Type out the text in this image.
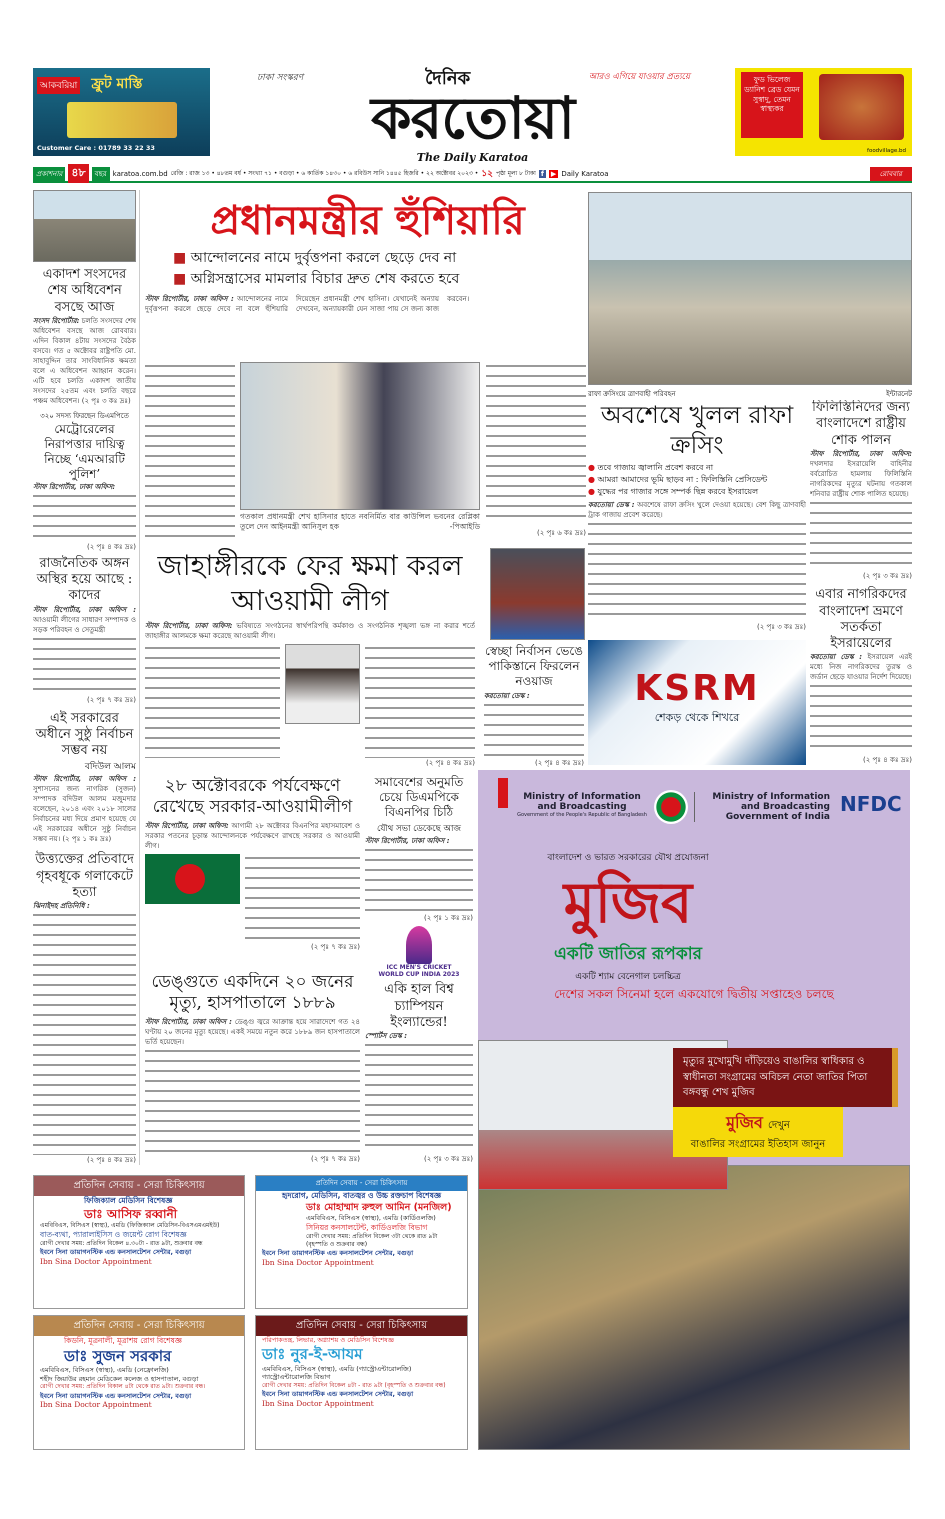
আকবরিয়া ফ্রুট মাস্তি
Customer Care : 01789 33 22 33
ঢাকা সংস্করণ	দৈনিক	আরও এগিয়ে যাওয়ার প্রত্যয়ে
করতোয়া
The Daily Karatoa
ফুড ভিলেজ ড্যানিশ ব্রেড যেমন সুস্বাদু, তেমন স্বাস্থ্যকর
foodvillage.bd
প্রকাশনার ৪৮	বছর karatoa.com.bd রেজি : রাজ ১৩ • ৪৮তম বর্ষ • সংখ্যা ৭১ • বগুড়া • ৬ কার্তিক ১৪৩০ • ৬ রবিউস সানি ১৪৪৫ হিজরি • ২২ অক্টোবর ২০২৩ • ১২ পৃষ্ঠা মূল্য ৮ টাকা f ▶ Daily Karatoa	রোববার
একাদশ সংসদের শেষ অধিবেশন বসছে আজ
সংসদ রিপোর্টার: চলতি সংসদের শেষ অধিবেশন বসছে আজ রোববার। এদিন বিকাল ৪টায় সংসদের বৈঠক বসবে। গত ৫ অক্টোবর রাষ্ট্রপতি মো. সাহাবুদ্দিন তার সাংবিধানিক ক্ষমতা বলে এ অধিবেশন আহ্বান করেন। এটি হবে চলতি একাদশ জাতীয় সংসদের ২৫তম এবং চলতি বছরে পঞ্চম অধিবেশন। (২ পৃঃ ৩ কঃ দ্রঃ)
৩২০ সদস্য ফিরছেন ডিএমপিতে
মেট্রোরেলের নিরাপত্তার দায়িত্ব নিচ্ছে ‘এমআরটি পুলিশ’
স্টাফ রিপোর্টার, ঢাকা অফিস:
(২ পৃঃ ৪ কঃ দ্রঃ)
রাজনৈতিক অঙ্গন অস্থির হয়ে আছে : কাদের
স্টাফ রিপোর্টার, ঢাকা অফিস : আওয়ামী লীগের সাধারণ সম্পাদক ও সড়ক পরিবহন ও সেতুমন্ত্রী
(২ পৃঃ ৭ কঃ দ্রঃ)
এই সরকারের অধীনে সুষ্ঠু নির্বাচন সম্ভব নয়
বদিউল আলম
স্টাফ রিপোর্টার, ঢাকা অফিস : সুশাসনের জন্য নাগরিক (সুজন) সম্পাদক বদিউল আলম মজুমদার বলেছেন, ২০১৪ এবং ২০১৮ সালের নির্বাচনের মধ্য দিয়ে প্রমাণ হয়েছে যে এই সরকারের অধীনে সুষ্ঠু নির্বাচন সম্ভব নয়। (২ পৃঃ ১ কঃ দ্রঃ)
উত্ত্যক্তের প্রতিবাদে গৃহবধূকে গলাকেটে হত্যা
ঝিনাইদহ প্রতিনিধি :
(২ পৃঃ ৪ কঃ দ্রঃ)
প্রধানমন্ত্রীর হুঁশিয়ারি
■ আন্দোলনের নামে দুর্বৃত্তপনা করলে ছেড়ে দেব না
■ অগ্নিসন্ত্রাসের মামলার বিচার দ্রুত শেষ করতে হবে
স্টাফ রিপোর্টার, ঢাকা অফিস : আন্দোলনের নামে দুর্বৃত্তপনা করলে ছেড়ে দেবে না বলে হুঁশিয়ারি দিয়েছেন প্রধানমন্ত্রী শেখ হাসিনা। যেখানেই অন্যায় দেখবেন, অন্যায়কারী যেন সাজা পায় সে জন্য কাজ করবেন।
গতকাল প্রধানমন্ত্রী শেখ হাসিনার হাতে নবনির্মিত বার কাউন্সিল ভবনের রেপ্লিকা তুলে দেন আইনমন্ত্রী আনিসুল হক	-পিআইডি
(২ পৃঃ ৬ কঃ দ্রঃ)
রাফা ক্রসিংয়ে ত্রাণবাহী পরিবহন	ইন্টারনেট
অবশেষে খুলল রাফা ক্রসিং
● তবে গাজায় জ্বালানি প্রবেশ করবে না
● আমরা আমাদের ভূমি ছাড়ব না : ফিলিস্তিনি প্রেসিডেন্ট
● যুদ্ধের পর গাজার সঙ্গে সম্পর্ক ছিন্ন করবে ইসরায়েল
করতোয়া ডেস্ক : অবশেষে রাফা ক্রসিং খুলে দেওয়া হয়েছে। বেশ কিছু ত্রাণবাহী ট্রাক গাজায় প্রবেশ করেছে।
(২ পৃঃ ৩ কঃ দ্রঃ)
ফিলিস্তিনিদের জন্য বাংলাদেশে রাষ্ট্রীয় শোক পালন
স্টাফ রিপোর্টার, ঢাকা অফিস: দখলদার ইসরায়েলি বাহিনীর বর্বরোচিত হামলায় ফিলিস্তিনি নাগরিকদের মৃত্যুর ঘটনায় গতকাল শনিবার রাষ্ট্রীয় শোক পালিত হয়েছে।
(২ পৃঃ ৩ কঃ দ্রঃ)
এবার নাগরিকদের বাংলাদেশ ভ্রমণে সতর্কতা ইসরায়েলের
করতোয়া ডেস্ক : ইসরায়েল এরই মধ্যে নিজ নাগরিকদের তুরস্ক ও জর্ডান ছেড়ে যাওয়ার নির্দেশ দিয়েছে।
(২ পৃঃ ৪ কঃ দ্রঃ)
জাহাঙ্গীরকে ফের ক্ষমা করল আওয়ামী লীগ
স্টাফ রিপোর্টার, ঢাকা অফিস: ভবিষ্যতে সংগঠনের স্বার্থপরিপন্থি কর্মকাণ্ড ও সংগঠনিক শৃঙ্খলা ভঙ্গ না করার শর্তে জাহাঙ্গীর আলমকে ক্ষমা করেছে আওয়ামী লীগ।
(২ পৃঃ ৪ কঃ দ্রঃ)
স্বেচ্ছা নির্বাসন ভেঙে পাকিস্তানে ফিরলেন নওয়াজ
করতোয়া ডেস্ক :
(২ পৃঃ ৪ কঃ দ্রঃ)
KSRM
শেকড় থেকে শিখরে
২৮ অক্টোবরকে পর্যবেক্ষণে রেখেছে সরকার-আওয়ামীলীগ
স্টাফ রিপোর্টার, ঢাকা অফিস: আগামী ২৮ অক্টোবর বিএনপির মহাসমাবেশ ও সরকার পতনের চূড়ান্ত আন্দোলনকে পর্যবেক্ষণে রাখছে সরকার ও আওয়ামী লীগ।
(২ পৃঃ ৭ কঃ দ্রঃ)
সমাবেশের অনুমতি চেয়ে ডিএমপিকে বিএনপির চিঠি
যৌথ সভা ডেকেছে আজ
স্টাফ রিপোর্টার, ঢাকা অফিস :
(২ পৃঃ ১ কঃ দ্রঃ)
ICC MEN'S CRICKET WORLD CUP INDIA 2023
একি হাল বিশ্ব চ্যাম্পিয়ন ইংল্যান্ডের!
স্পোর্টস ডেস্ক :
(২ পৃঃ ৩ কঃ দ্রঃ)
ডেঙ্গুতে একদিনে ২০ জনের মৃত্যু, হাসপাতালে ১৮৮৯
স্টাফ রিপোর্টার, ঢাকা অফিস : ডেঙ্গু জ্বরে আক্রান্ত হয়ে সারাদেশে গত ২৪ ঘণ্টায় ২০ জনের মৃত্যু হয়েছে। একই সময়ে নতুন করে ১৮৮৯ জন হাসপাতালে ভর্তি হয়েছেন।
(২ পৃঃ ৭ কঃ দ্রঃ)
Ministry of Information and Broadcasting
Government of the People's Republic of Bangladesh
Ministry of Information and Broadcasting
Government of India
NFDC
বাংলাদেশ ও ভারত সরকারের যৌথ প্রযোজনা
মুজিব
একটি জাতির রূপকার
একটি শ্যাম বেনেগাল চলচ্চিত্র
দেশের সকল সিনেমা হলে একযোগে দ্বিতীয় সপ্তাহেও চলছে
মৃত্যুর মুখোমুখি দাঁড়িয়েও বাঙালির স্বাধিকার ও স্বাধীনতা সংগ্রামের অবিচল নেতা জাতির পিতা বঙ্গবন্ধু শেখ মুজিব
মুজিব দেখুন
বাঙালির সংগ্রামের ইতিহাস জানুন
প্রতিদিন সেবায় - সেরা চিকিৎসায়

ফিজিক্যাল মেডিসিন বিশেষজ্ঞ

ডাঃ আসিফ রব্বানী

এমবিবিএস, বিসিএস (স্বাস্থ্য), এমডি (ফিজিক্যাল মেডিসিন-বিএসএমএমইউ)

বাত-ব্যথা, প্যারালাইসিস ও জয়েন্ট রোগ বিশেষজ্ঞ

রোগী দেখার সময়: প্রতিদিন বিকেল ৪.৩০টা - রাত ৯টা, শুক্রবার বন্ধ

ইবনে সিনা ডায়াগনস্টিক এন্ড কনসালটেশন সেন্টার, বগুড়া

Ibn Sina Doctor Appointment

প্রতিদিন সেবায় - সেরা চিকিৎসায়

হৃদরোগ, মেডিসিন, বাতজ্বর ও উচ্চ রক্তচাপ বিশেষজ্ঞ

ডাঃ মোহাম্মাদ রুহুল আমিন (মনজিল)

এমবিবিএস, বিসিএস (স্বাস্থ্য), এমডি (কার্ডিওলজি)

সিনিয়র কনসালটেন্ট, কার্ডিওলজি বিভাগ

রোগী দেখার সময়: প্রতিদিন বিকেল ৩টা থেকে রাত ৯টা (বৃহস্পতি ও শুক্রবার বন্ধ)

ইবনে সিনা ডায়াগনস্টিক এন্ড কনসালটেশন সেন্টার, বগুড়া

Ibn Sina Doctor Appointment

প্রতিদিন সেবায় - সেরা চিকিৎসায়

কিডনি, মূত্রনালী, মূত্রাশয় রোগ বিশেষজ্ঞ

ডাঃ সুজন সরকার

এমবিবিএস, বিসিএস (স্বাস্থ্য), এমডি (নেফ্রোলজি)

শহীদ জিয়াউর রহমান মেডিকেল কলেজ ও হাসপাতাল, বগুড়া

রোগী দেখার সময়: প্রতিদিন বিকাল ৪টা থেকে রাত ৯টা। শুক্রবার বন্ধ।

ইবনে সিনা ডায়াগনস্টিক এন্ড কনসালটেশন সেন্টার, বগুড়া

Ibn Sina Doctor Appointment

প্রতিদিন সেবায় - সেরা চিকিৎসায়

পরিপাকতন্ত্র, লিভার, অগ্ন্যাশয় ও মেডিসিন বিশেষজ্ঞ

ডাঃ নুর-ই-আযম

এমবিবিএস, বিসিএস (স্বাস্থ্য), এমডি (গ্যাস্ট্রোএন্টারোলজি)

গ্যাস্ট্রোএন্টারোলজি বিভাগ

রোগী দেখার সময়: প্রতিদিন বিকেল ৪টা - রাত ৯টা (বৃহস্পতি ও শুক্রবার বন্ধ)

ইবনে সিনা ডায়াগনস্টিক এন্ড কনসালটেশন সেন্টার, বগুড়া

Ibn Sina Doctor Appointment
